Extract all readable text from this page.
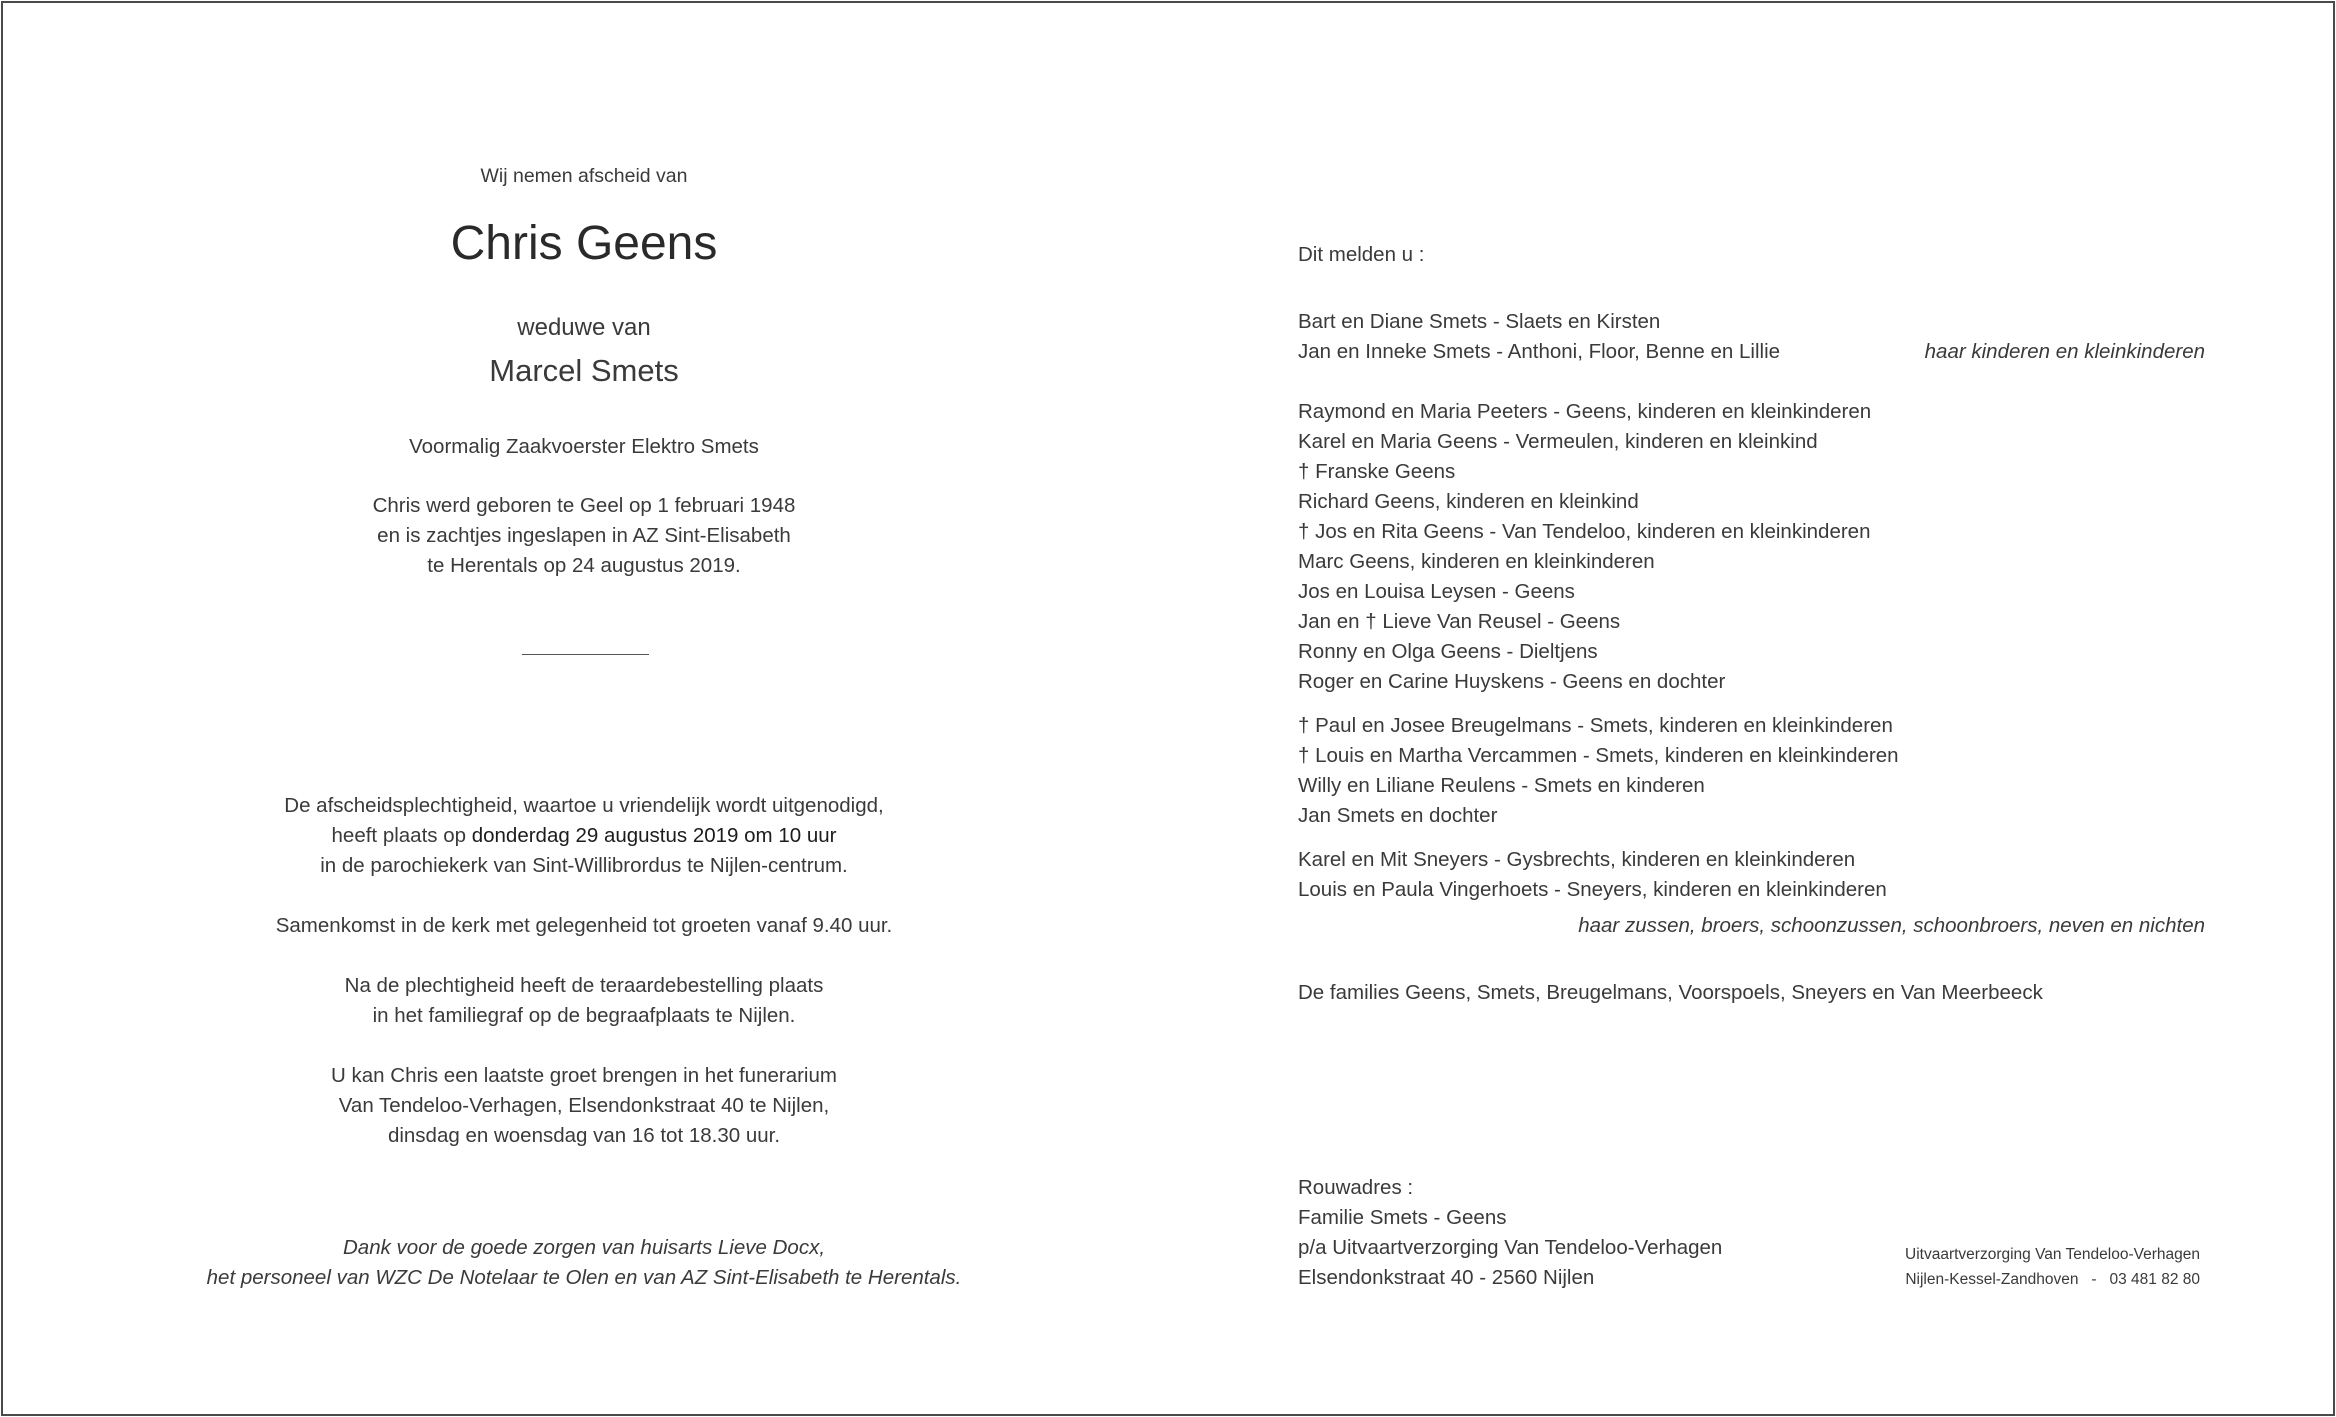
Wij nemen afscheid van
Chris Geens
weduwe van
Marcel Smets
Voormalig Zaakvoerster Elektro Smets
Chris werd geboren te Geel op 1 februari 1948
en is zachtjes ingeslapen in AZ Sint-Elisabeth
te Herentals op 24 augustus 2019.
De afscheidsplechtigheid, waartoe u vriendelijk wordt uitgenodigd,
heeft plaats op donderdag 29 augustus 2019 om 10 uur
in de parochiekerk van Sint-Willibrordus te Nijlen-centrum.
Samenkomst in de kerk met gelegenheid tot groeten vanaf 9.40 uur.
Na de plechtigheid heeft de teraardebestelling plaats
in het familiegraf op de begraafplaats te Nijlen.
U kan Chris een laatste groet brengen in het funerarium
Van Tendeloo-Verhagen, Elsendonkstraat 40 te Nijlen,
dinsdag en woensdag van 16 tot 18.30 uur.
Dank voor de goede zorgen van huisarts Lieve Docx,
het personeel van WZC De Notelaar te Olen en van AZ Sint-Elisabeth te Herentals.
Dit melden u :
Bart en Diane Smets - Slaets en Kirsten
Jan en Inneke Smets - Anthoni, Floor, Benne en Lillie	haar kinderen en kleinkinderen
Raymond en Maria Peeters - Geens, kinderen en kleinkinderen
Karel en Maria Geens - Vermeulen, kinderen en kleinkind
† Franske Geens
Richard Geens, kinderen en kleinkind
† Jos en Rita Geens - Van Tendeloo, kinderen en kleinkinderen
Marc Geens, kinderen en kleinkinderen
Jos en Louisa Leysen - Geens
Jan en † Lieve Van Reusel - Geens
Ronny en Olga Geens - Dieltjens
Roger en Carine Huyskens - Geens en dochter
† Paul en Josee Breugelmans - Smets, kinderen en kleinkinderen
† Louis en Martha Vercammen - Smets, kinderen en kleinkinderen
Willy en Liliane Reulens - Smets en kinderen
Jan Smets en dochter
Karel en Mit Sneyers - Gysbrechts, kinderen en kleinkinderen
Louis en Paula Vingerhoets - Sneyers, kinderen en kleinkinderen
haar zussen, broers, schoonzussen, schoonbroers, neven en nichten
De families Geens, Smets, Breugelmans, Voorspoels, Sneyers en Van Meerbeeck
Rouwadres :
Familie Smets - Geens
p/a Uitvaartverzorging Van Tendeloo-Verhagen
Elsendonkstraat 40 - 2560 Nijlen
Uitvaartverzorging Van Tendeloo-Verhagen
Nijlen-Kessel-Zandhoven   -   03 481 82 80
